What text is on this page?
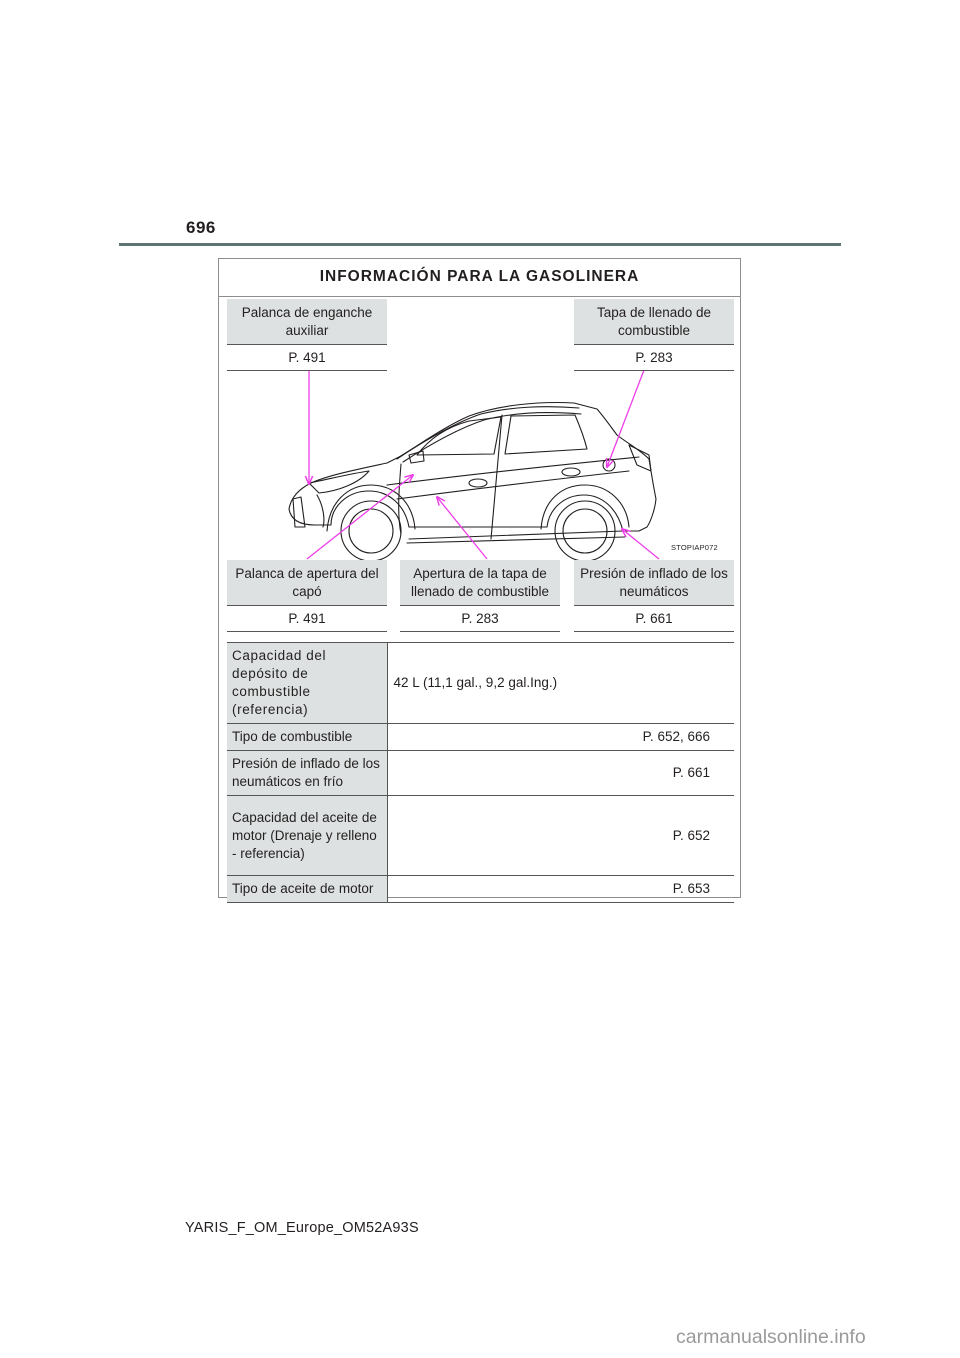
696
INFORMACIÓN PARA LA GASOLINERA
STOPIAP072
Palanca de enganche auxiliar
P. 491
Tapa de llenado de combustible
P. 283
Palanca de apertura del capó
P. 491
Apertura de la tapa de llenado de combustible
P. 283
Presión de inflado de los neumáticos
P. 661
Capacidad del depósito de combustible (referencia)	42 L (11,1 gal., 9,2 gal.Ing.)
Tipo de combustible	P. 652, 666
Presión de inflado de los neumáticos en frío	P. 661
Capacidad del aceite de motor (Drenaje y relleno - referencia)	P. 652
Tipo de aceite de motor	P. 653
YARIS_F_OM_Europe_OM52A93S
carmanualsonline.info
